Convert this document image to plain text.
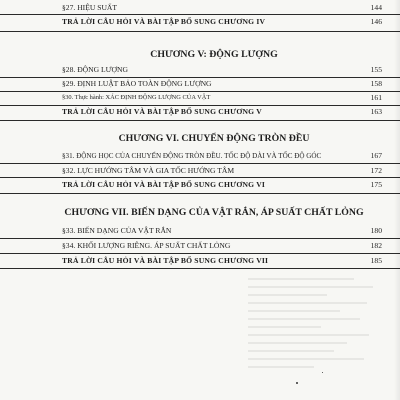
§27. HIỆU SUẤT	144
TRẢ LỜI CÂU HỎI VÀ BÀI TẬP BỔ SUNG CHƯƠNG IV	146
CHƯƠNG V: ĐỘNG LƯỢNG
§28. ĐỘNG LƯỢNG	155
§29. ĐỊNH LUẬT BẢO TOÀN ĐỘNG LƯỢNG	158
§30. Thực hành: XÁC ĐỊNH ĐỘNG LƯỢNG CỦA VẬT	161
TRẢ LỜI CÂU HỎI VÀ BÀI TẬP BỔ SUNG CHƯƠNG V	163
CHƯƠNG VI. CHUYỂN ĐỘNG TRÒN ĐỀU
§31. ĐỘNG HỌC CỦA CHUYỂN ĐỘNG TRÒN ĐỀU. TỐC ĐỘ DÀI VÀ TỐC ĐỘ GÓC	167
§32. LỰC HƯỚNG TÂM VÀ GIA TỐC HƯỚNG TÂM	172
TRẢ LỜI CÂU HỎI VÀ BÀI TẬP BỔ SUNG CHƯƠNG VI	175
CHƯƠNG VII. BIẾN DẠNG CỦA VẬT RẮN, ÁP SUẤT CHẤT LỎNG
§33. BIẾN DẠNG CỦA VẬT RẮN	180
§34. KHỐI LƯỢNG RIÊNG. ÁP SUẤT CHẤT LỎNG	182
TRẢ LỜI CÂU HỎI VÀ BÀI TẬP BỔ SUNG CHƯƠNG VII	185
